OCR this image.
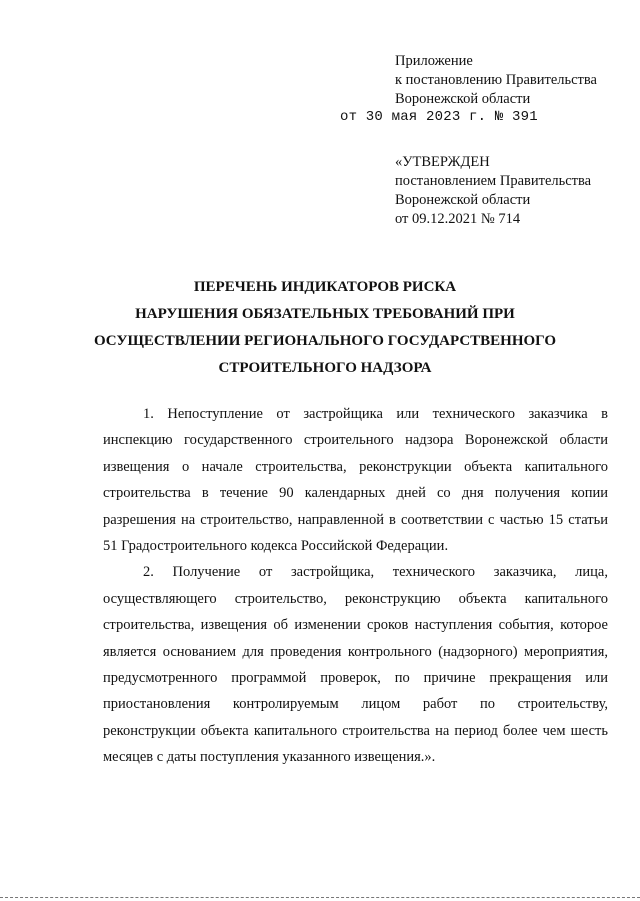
Приложение
к постановлению Правительства
Воронежской области
от 30 мая 2023 г. № 391
«УТВЕРЖДЕН
постановлением Правительства
Воронежской области
от 09.12.2021 № 714
ПЕРЕЧЕНЬ ИНДИКАТОРОВ РИСКА
НАРУШЕНИЯ ОБЯЗАТЕЛЬНЫХ ТРЕБОВАНИЙ ПРИ
ОСУЩЕСТВЛЕНИИ РЕГИОНАЛЬНОГО ГОСУДАРСТВЕННОГО
СТРОИТЕЛЬНОГО НАДЗОРА

1. Непоступление от застройщика или технического заказчика в инспекцию государственного строительного надзора Воронежской области извещения о начале строительства, реконструкции объекта капитального строительства в течение 90 календарных дней со дня получения копии разрешения на строительство, направленной в соответствии с частью 15 статьи 51 Градостроительного кодекса Российской Федерации.

2. Получение от застройщика, технического заказчика, лица, осуществляющего строительство, реконструкцию объекта капитального строительства, извещения об изменении сроков наступления события, которое является основанием для проведения контрольного (надзорного) мероприятия, предусмотренного программой проверок, по причине прекращения или приостановления контролируемым лицом работ по строительству, реконструкции объекта капитального строительства на период более чем шесть месяцев с даты поступления указанного извещения.».
